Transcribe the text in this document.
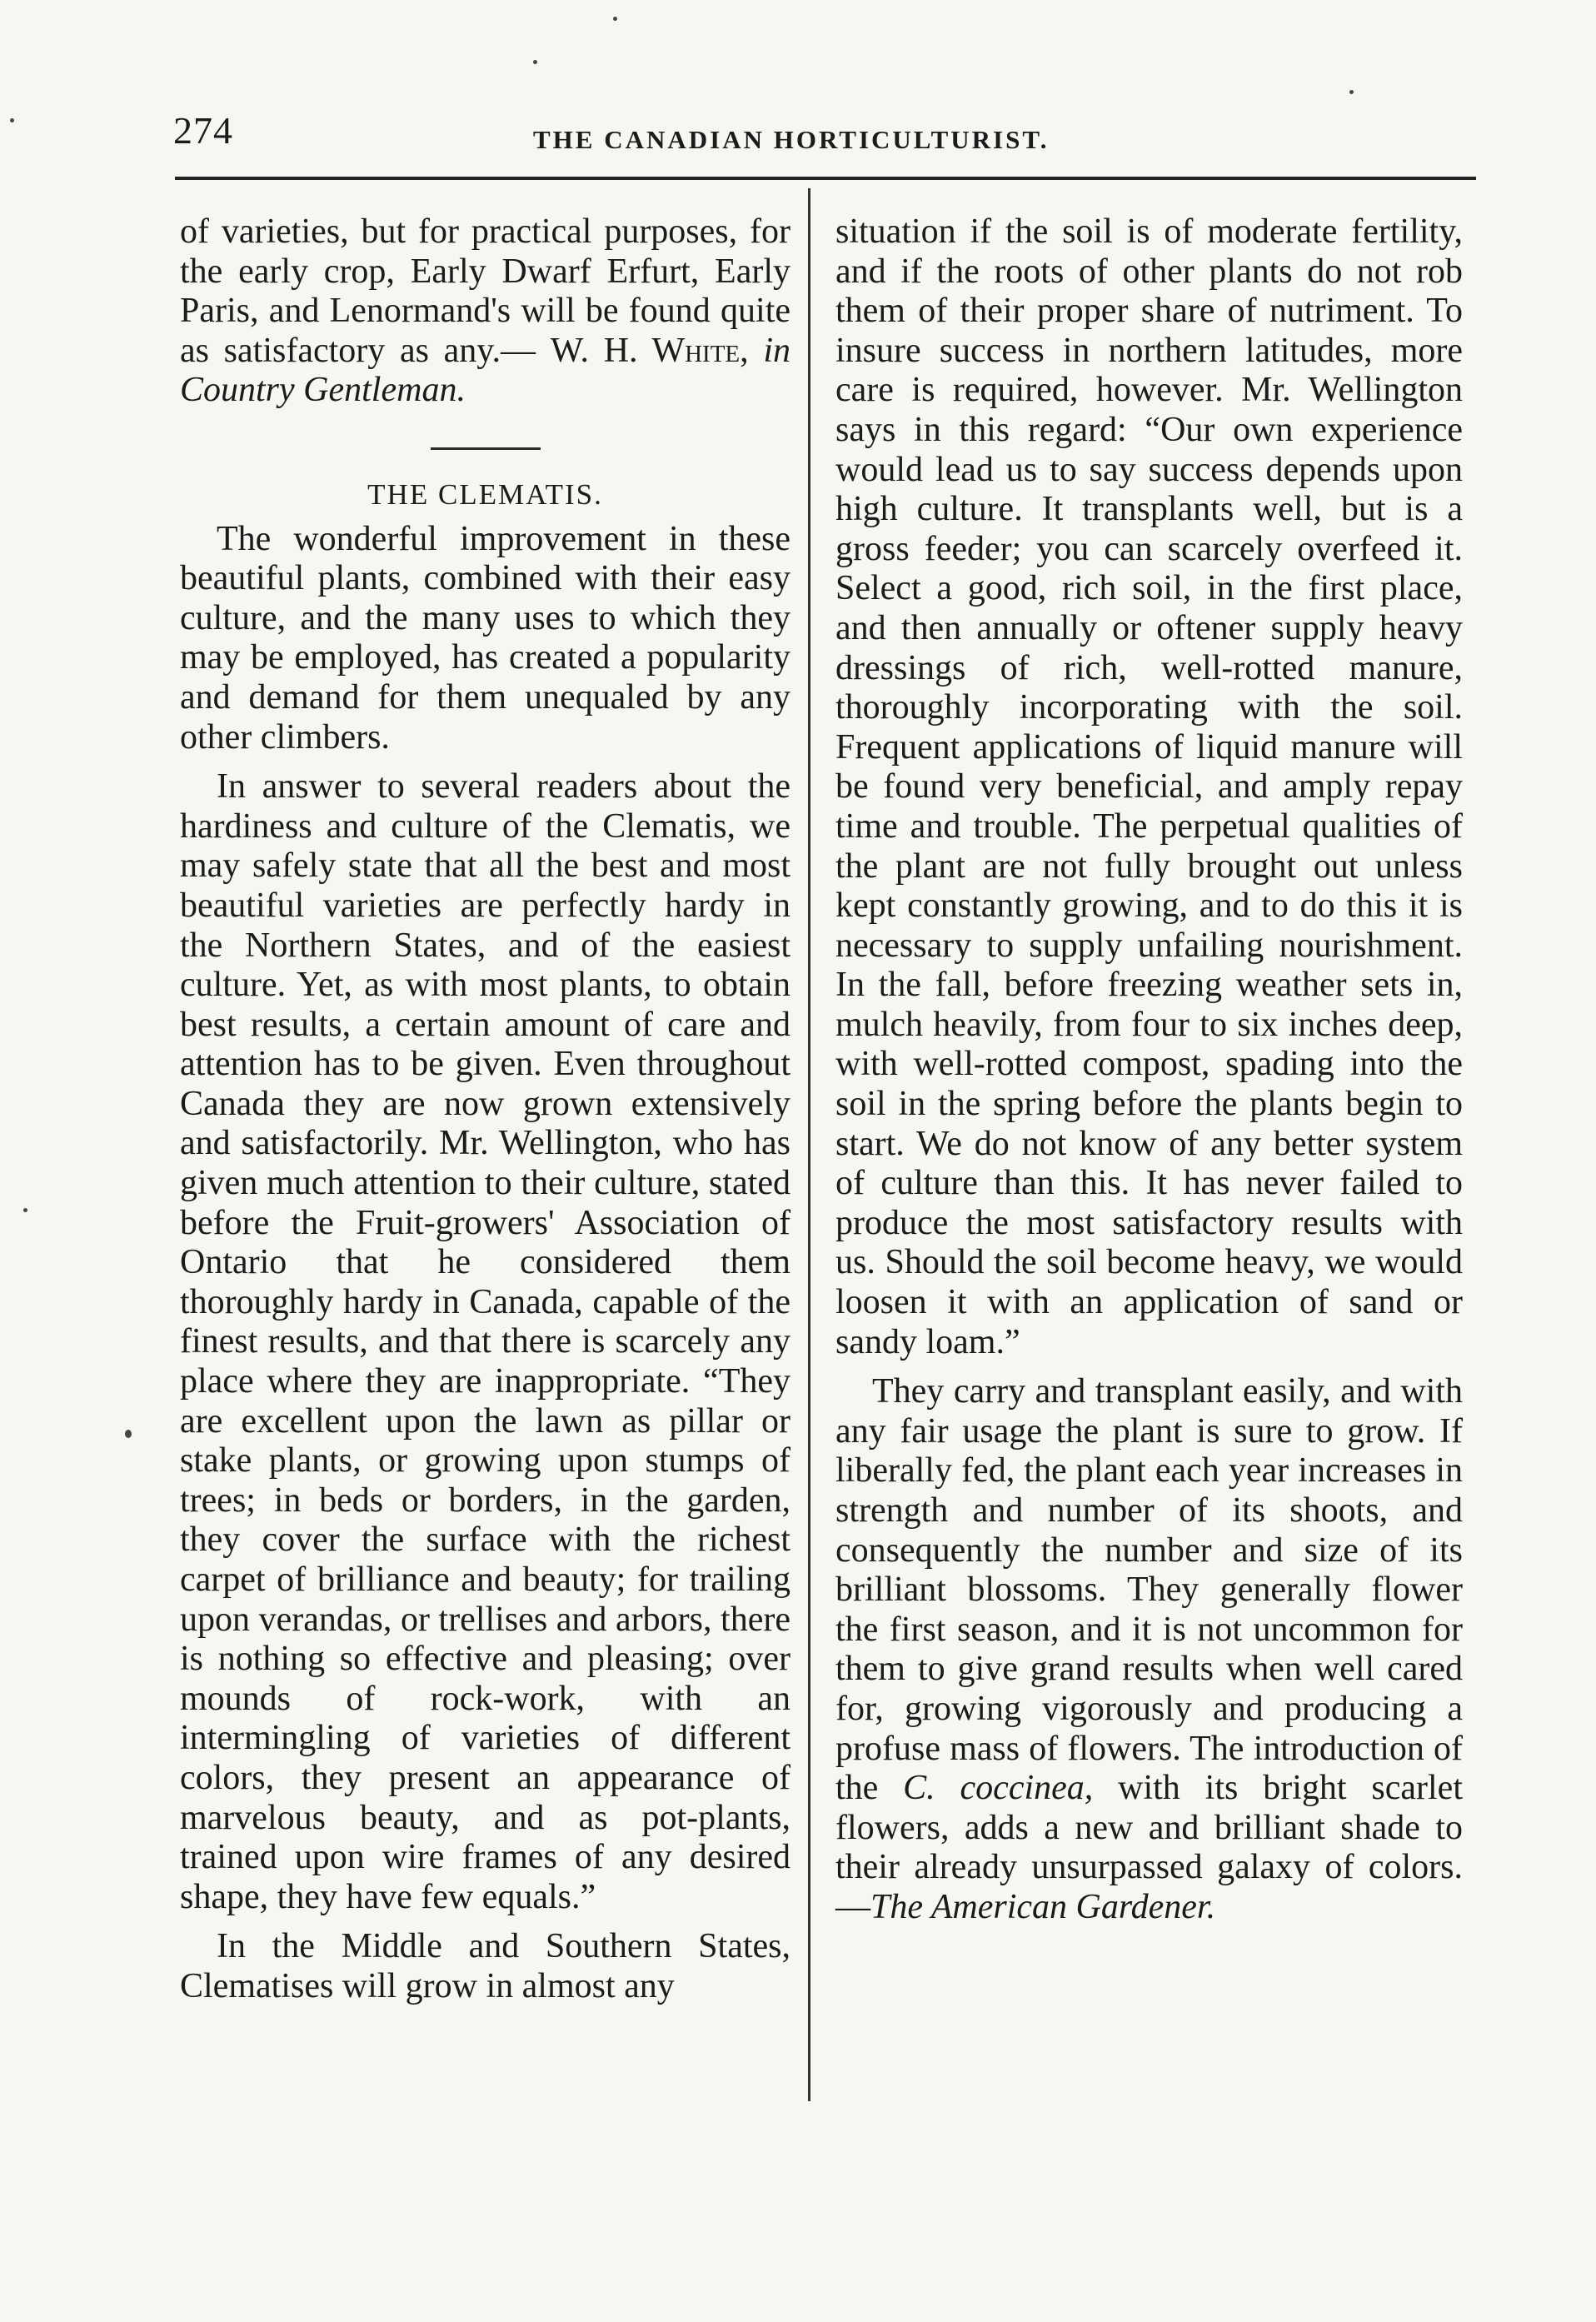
274	THE CANADIAN HORTICULTURIST.

of varieties, but for practical purposes, for the early crop, Early Dwarf Erfurt, Early Paris, and Lenormand's will be found quite as satisfactory as any.— W. H. White, in Country Gentleman.

THE CLEMATIS.

The wonderful improvement in these beautiful plants, combined with their easy culture, and the many uses to which they may be employed, has created a popularity and demand for them unequaled by any other climbers.

In answer to several readers about the hardiness and culture of the Clematis, we may safely state that all the best and most beautiful varieties are perfectly hardy in the Northern States, and of the easiest culture. Yet, as with most plants, to obtain best results, a certain amount of care and attention has to be given. Even throughout Canada they are now grown extensively and satisfactorily. Mr. Wellington, who has given much attention to their culture, stated before the Fruit-growers' Association of Ontario that he considered them thoroughly hardy in Canada, capable of the finest results, and that there is scarcely any place where they are inappropriate. “They are excellent upon the lawn as pillar or stake plants, or growing upon stumps of trees; in beds or borders, in the garden, they cover the surface with the richest carpet of brilliance and beauty; for trailing upon verandas, or trellises and arbors, there is nothing so effective and pleasing; over mounds of rock-work, with an intermingling of varieties of different colors, they present an appearance of marvelous beauty, and as pot-plants, trained upon wire frames of any desired shape, they have few equals.”

In the Middle and Southern States, Clematises will grow in almost any

situation if the soil is of moderate fertility, and if the roots of other plants do not rob them of their proper share of nutriment. To insure success in northern latitudes, more care is required, however. Mr. Wellington says in this regard: “Our own experience would lead us to say success depends upon high culture. It transplants well, but is a gross feeder; you can scarcely overfeed it. Select a good, rich soil, in the first place, and then annually or oftener supply heavy dressings of rich, well-rotted manure, thoroughly incorporating with the soil. Frequent applications of liquid manure will be found very beneficial, and amply repay time and trouble. The perpetual qualities of the plant are not fully brought out unless kept constantly growing, and to do this it is necessary to supply unfailing nourishment. In the fall, before freezing weather sets in, mulch heavily, from four to six inches deep, with well-rotted compost, spading into the soil in the spring before the plants begin to start. We do not know of any better system of culture than this. It has never failed to produce the most satisfactory results with us. Should the soil become heavy, we would loosen it with an application of sand or sandy loam.”

They carry and transplant easily, and with any fair usage the plant is sure to grow. If liberally fed, the plant each year increases in strength and number of its shoots, and consequently the number and size of its brilliant blossoms. They generally flower the first season, and it is not uncommon for them to give grand results when well cared for, growing vigorously and producing a profuse mass of flowers. The introduction of the C. coccinea, with its bright scarlet flowers, adds a new and brilliant shade to their already unsurpassed galaxy of colors.—The American Gardener.
